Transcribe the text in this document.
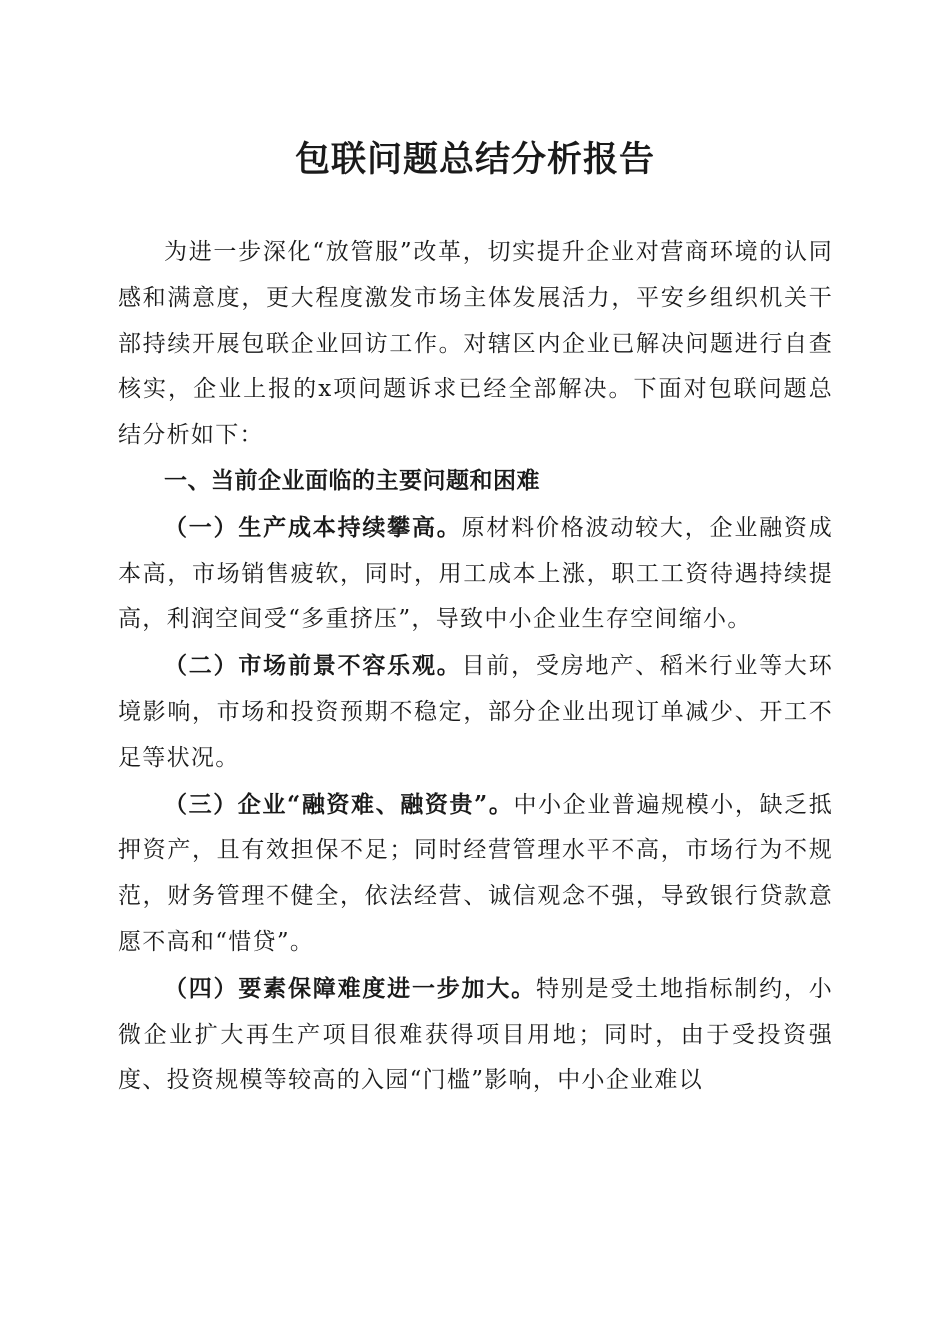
包联问题总结分析报告

为进一步深化“放管服”改革，切实提升企业对营商环境的认同感和满意度，更大程度激发市场主体发展活力，平安乡组织机关干部持续开展包联企业回访工作。对辖区内企业已解决问题进行自查核实，企业上报的x项问题诉求已经全部解决。下面对包联问题总结分析如下：

一、当前企业面临的主要问题和困难

（一）生产成本持续攀高。原材料价格波动较大，企业融资成本高，市场销售疲软，同时，用工成本上涨，职工工资待遇持续提高，利润空间受“多重挤压”，导致中小企业生存空间缩小。

（二）市场前景不容乐观。目前，受房地产、稻米行业等大环境影响，市场和投资预期不稳定，部分企业出现订单减少、开工不足等状况。

（三）企业“融资难、融资贵”。中小企业普遍规模小，缺乏抵押资产，且有效担保不足；同时经营管理水平不高，市场行为不规范，财务管理不健全，依法经营、诚信观念不强，导致银行贷款意愿不高和“惜贷”。

（四）要素保障难度进一步加大。特别是受土地指标制约，小微企业扩大再生产项目很难获得项目用地；同时，由于受投资强度、投资规模等较高的入园“门槛”影响，中小企业难以
